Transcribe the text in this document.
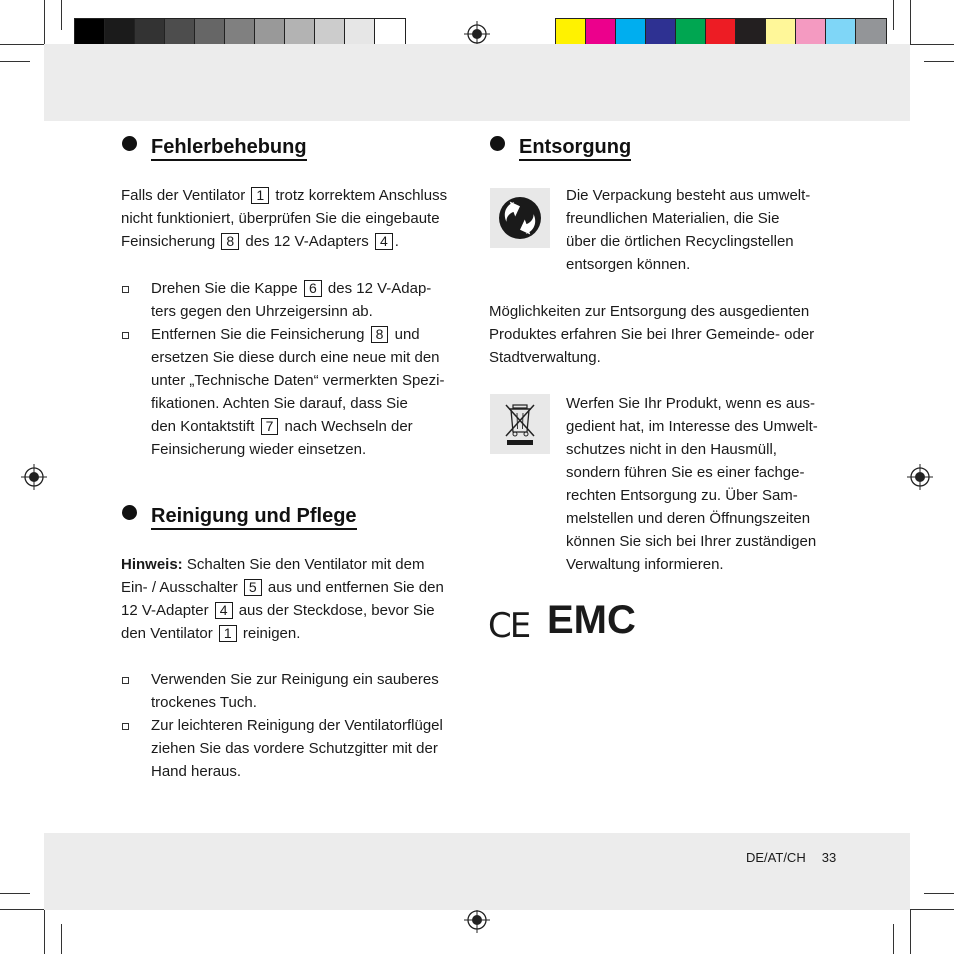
Fehlerbehebung
Falls der Ventilator 1 trotz korrektem Anschluss nicht funktioniert, überprüfen Sie die eingebaute Feinsicherung 8 des 12 V-Adapters 4 .
Drehen Sie die Kappe 6 des 12 V-Adap-
ters gegen den Uhrzeigersinn ab.
Entfernen Sie die Feinsicherung 8 und
ersetzen Sie diese durch eine neue mit den
unter „Technische Daten“ vermerkten Spezi-
fikationen. Achten Sie darauf, dass Sie
den Kontaktstift 7 nach Wechseln der
Feinsicherung wieder einsetzen.
Reinigung und Pflege
Hinweis: Schalten Sie den Ventilator mit dem
Ein- / Ausschalter 5 aus und entfernen Sie den
12 V-Adapter 4 aus der Steckdose, bevor Sie
den Ventilator 1 reinigen.
Verwenden Sie zur Reinigung ein sauberes
trockenes Tuch.
Zur leichteren Reinigung der Ventilatorflügel
ziehen Sie das vordere Schutzgitter mit der
Hand heraus.
Entsorgung
Die Verpackung besteht aus umwelt-
freundlichen Materialien, die Sie
über die örtlichen Recyclingstellen
entsorgen können.
Möglichkeiten zur Entsorgung des ausgedienten
Produktes erfahren Sie bei Ihrer Gemeinde- oder
Stadtverwaltung.
Werfen Sie Ihr Produkt, wenn es aus-
gedient hat, im Interesse des Umwelt-
schutzes nicht in den Hausmüll,
sondern führen Sie es einer fachge-
rechten Entsorgung zu. Über Sam-
melstellen und deren Öffnungszeiten
können Sie sich bei Ihrer zuständigen
Verwaltung informieren.
CE EMC
DE/AT/CH 33
